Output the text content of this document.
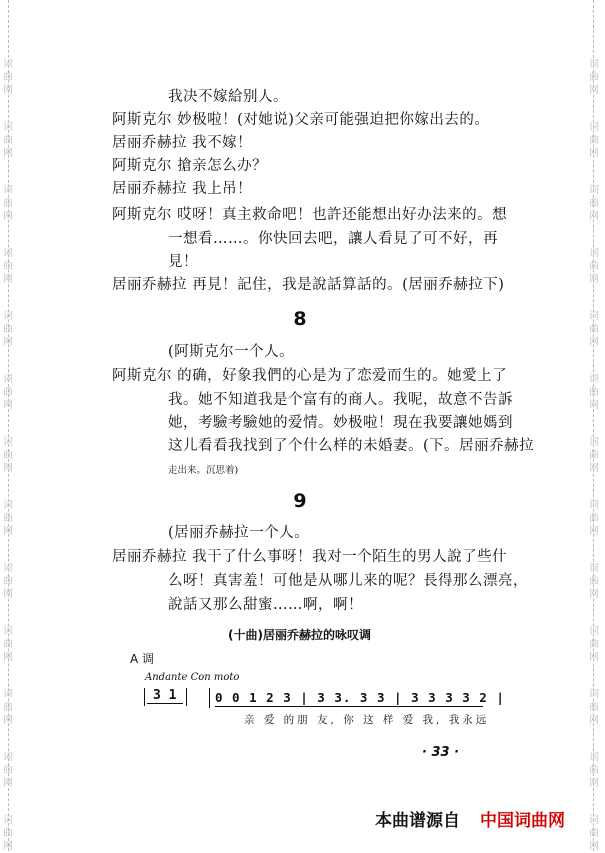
词
曲
网
词
曲
网
词
曲
网
词
曲
网
词
曲
网
词
曲
网
词
曲
网
词
曲
网
词
曲
网
词
曲
网
词
曲
网
词
曲
网
词
曲
网
词
曲
网
词
曲
网
词
曲
网
词
曲
网
词
曲
网
词
曲
网
词
曲
网
词
曲
网
词
曲
网
词
曲
网
词
曲
网
词
曲
网
词
曲
网
我决不嫁給别人。
阿斯克尔 妙极啦！(对她说)父亲可能强迫把你嫁出去的。
居丽乔赫拉 我不嫁！
阿斯克尔 搶亲怎么办？
居丽乔赫拉 我上吊！
阿斯克尔 哎呀！真主救命吧！也許还能想出好办法来的。想
一想看……。你快回去吧，讓人看見了可不好，再
見！
居丽乔赫拉 再見！記住，我是說話算話的。(居丽乔赫拉下)
8
(阿斯克尔一个人。
阿斯克尔 的确，好象我們的心是为了恋爱而生的。她愛上了
我。她不知道我是个富有的商人。我呢，故意不告訴
她，考驗考驗她的爱情。妙极啦！現在我要讓她媽到
这儿看看我找到了个什么样的未婚妻。(下。居丽乔赫拉
走出来。沉思着)
9
(居丽乔赫拉一个人。
居丽乔赫拉 我干了什么事呀！我对一个陌生的男人說了些什
么呀！真害羞！可他是从哪儿来的呢？長得那么漂亮，
說話又那么甜蜜……啊，啊！
(十曲)居丽乔赫拉的咏叹调
A 调
Andante Con moto
3 1	0 0 1 2 3 | 3 3. 3 3 | 3 3 3 3 2 |
亲 爱 的朋 友, 你 这 样 爱 我, 我永远
· 33 ·
本曲谱源自 中国词曲网
